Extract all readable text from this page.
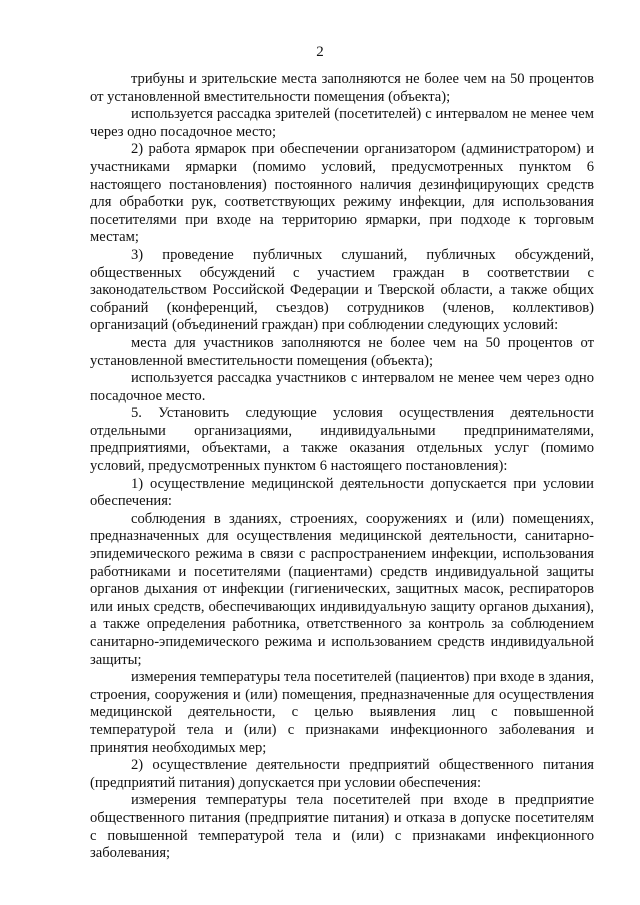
2

трибуны и зрительские места заполняются не более чем на 50 процентов от установленной вместительности помещения (объекта);

используется рассадка зрителей (посетителей) с интервалом не менее чем через одно посадочное место;

2) работа ярмарок при обеспечении организатором (администратором) и участниками ярмарки (помимо условий, предусмотренных пунктом 6 настоящего постановления) постоянного наличия дезинфицирующих средств для обработки рук, соответствующих режиму инфекции, для использования посетителями при входе на территорию ярмарки, при подходе к торговым местам;

3) проведение публичных слушаний, публичных обсуждений, общественных обсуждений с участием граждан в соответствии с законодательством Российской Федерации и Тверской области, а также общих собраний (конференций, съездов) сотрудников (членов, коллективов) организаций (объединений граждан) при соблюдении следующих условий:

места для участников заполняются не более чем на 50 процентов от установленной вместительности помещения (объекта);

используется рассадка участников с интервалом не менее чем через одно посадочное место.

5. Установить следующие условия осуществления деятельности отдельными организациями, индивидуальными предпринимателями, предприятиями, объектами, а также оказания отдельных услуг (помимо условий, предусмотренных пунктом 6 настоящего постановления):

1) осуществление медицинской деятельности допускается при условии обеспечения:

соблюдения в зданиях, строениях, сооружениях и (или) помещениях, предназначенных для осуществления медицинской деятельности, санитарно-эпидемического режима в связи с распространением инфекции, использования работниками и посетителями (пациентами) средств индивидуальной защиты органов дыхания от инфекции (гигиенических, защитных масок, респираторов или иных средств, обеспечивающих индивидуальную защиту органов дыхания), а также определения работника, ответственного за контроль за соблюдением санитарно-эпидемического режима и использованием средств индивидуальной защиты;

измерения температуры тела посетителей (пациентов) при входе в здания, строения, сооружения и (или) помещения, предназначенные для осуществления медицинской деятельности, с целью выявления лиц с повышенной температурой тела и (или) с признаками инфекционного заболевания и принятия необходимых мер;

2) осуществление деятельности предприятий общественного питания (предприятий питания) допускается при условии обеспечения:

измерения температуры тела посетителей при входе в предприятие общественного питания (предприятие питания) и отказа в допуске посетителям с повышенной температурой тела и (или) с признаками инфекционного заболевания;
